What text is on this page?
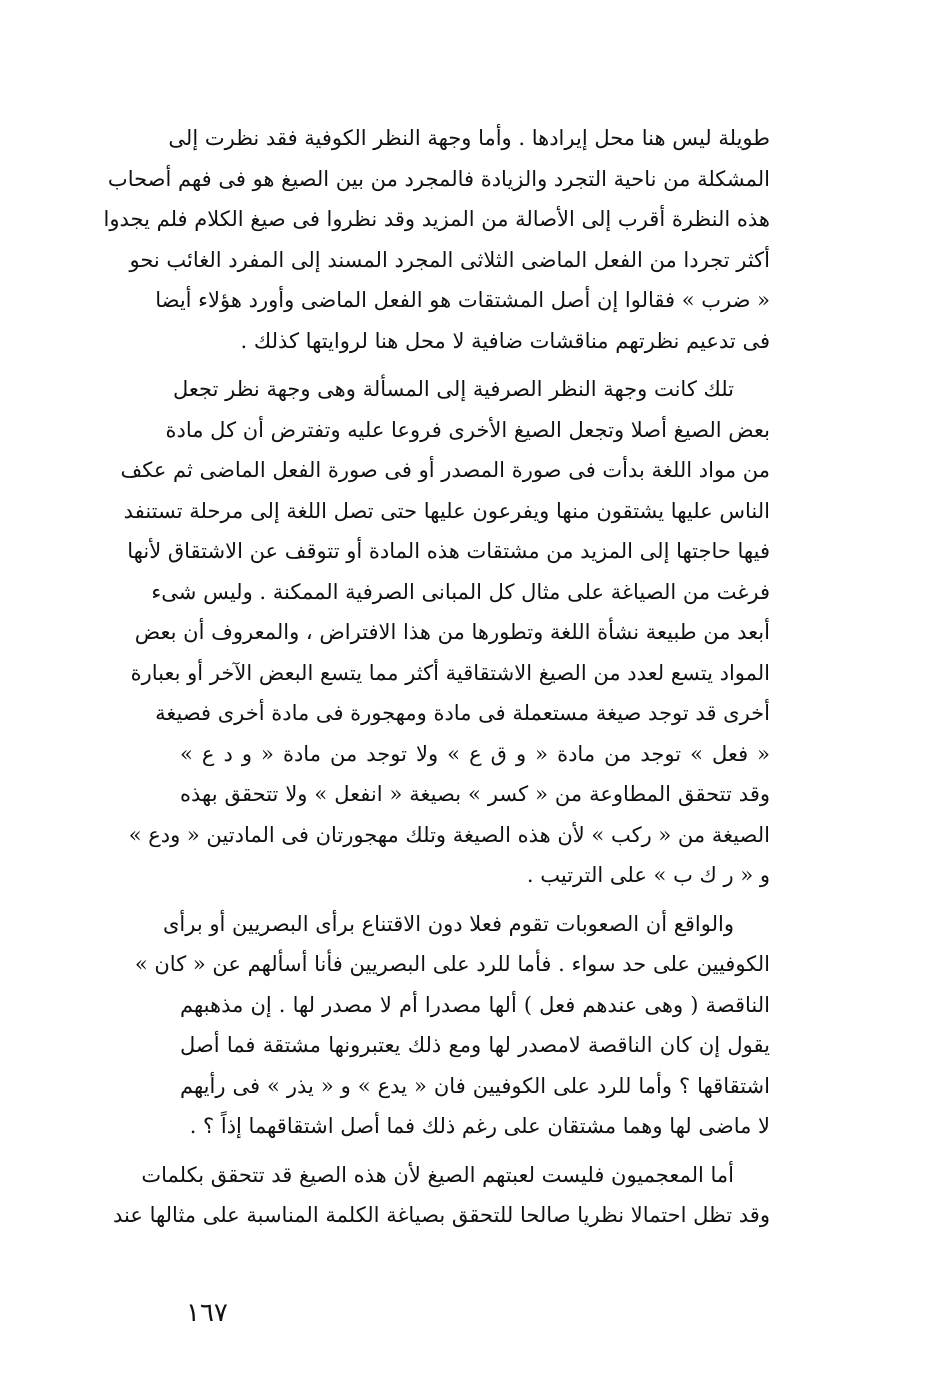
طويلة ليس هنا محل إيرادها . وأما وجهة النظر الكوفية فقد نظرت إلى
المشكلة من ناحية التجرد والزيادة فالمجرد من بين الصيغ هو فى فهم أصحاب
هذه النظرة أقرب إلى الأصالة من المزيد وقد نظروا فى صيغ الكلام فلم يجدوا
أكثر تجردا من الفعل الماضى الثلاثى المجرد المسند إلى المفرد الغائب نحو
« ضرب » فقالوا إن أصل المشتقات هو الفعل الماضى وأورد هؤلاء أيضا
فى تدعيم نظرتهم مناقشات ضافية لا محل هنا لروايتها كذلك .

تلك كانت وجهة النظر الصرفية إلى المسألة وهى وجهة نظر تجعل
بعض الصيغ أصلا وتجعل الصيغ الأخرى فروعا عليه وتفترض أن كل مادة
من مواد اللغة بدأت فى صورة المصدر أو فى صورة الفعل الماضى ثم عكف
الناس عليها يشتقون منها ويفرعون عليها حتى تصل اللغة إلى مرحلة تستنفد
فيها حاجتها إلى المزيد من مشتقات هذه المادة أو تتوقف عن الاشتقاق لأنها
فرغت من الصياغة على مثال كل المبانى الصرفية الممكنة . وليس شىء
أبعد من طبيعة نشأة اللغة وتطورها من هذا الافتراض ، والمعروف أن بعض
المواد يتسع لعدد من الصيغ الاشتقاقية أكثر مما يتسع البعض الآخر أو بعبارة
أخرى قد توجد صيغة مستعملة فى مادة ومهجورة فى مادة أخرى فصيغة
« فعل » توجد من مادة « و ق ع » ولا توجد من مادة « و د ع »
وقد تتحقق المطاوعة من « كسر » بصيغة « انفعل » ولا تتحقق بهذه
الصيغة من « ركب » لأن هذه الصيغة وتلك مهجورتان فى المادتين « ودع »
و « ر ك ب » على الترتيب .

والواقع أن الصعوبات تقوم فعلا دون الاقتناع برأى البصريين أو برأى
الكوفيين على حد سواء . فأما للرد على البصريين فأنا أسألهم عن « كان »
الناقصة ( وهى عندهم فعل ) ألها مصدرا أم لا مصدر لها . إن مذهبهم
يقول إن كان الناقصة لامصدر لها ومع ذلك يعتبرونها مشتقة فما أصل
اشتقاقها ؟ وأما للرد على الكوفيين فان « يدع » و « يذر » فى رأيهم
لا ماضى لها وهما مشتقان على رغم ذلك فما أصل اشتقاقهما إذاً ؟ .

أما المعجميون فليست لعبتهم الصيغ لأن هذه الصيغ قد تتحقق بكلمات
وقد تظل احتمالا نظريا صالحا للتحقق بصياغة الكلمة المناسبة على مثالها عند

١٦٧
